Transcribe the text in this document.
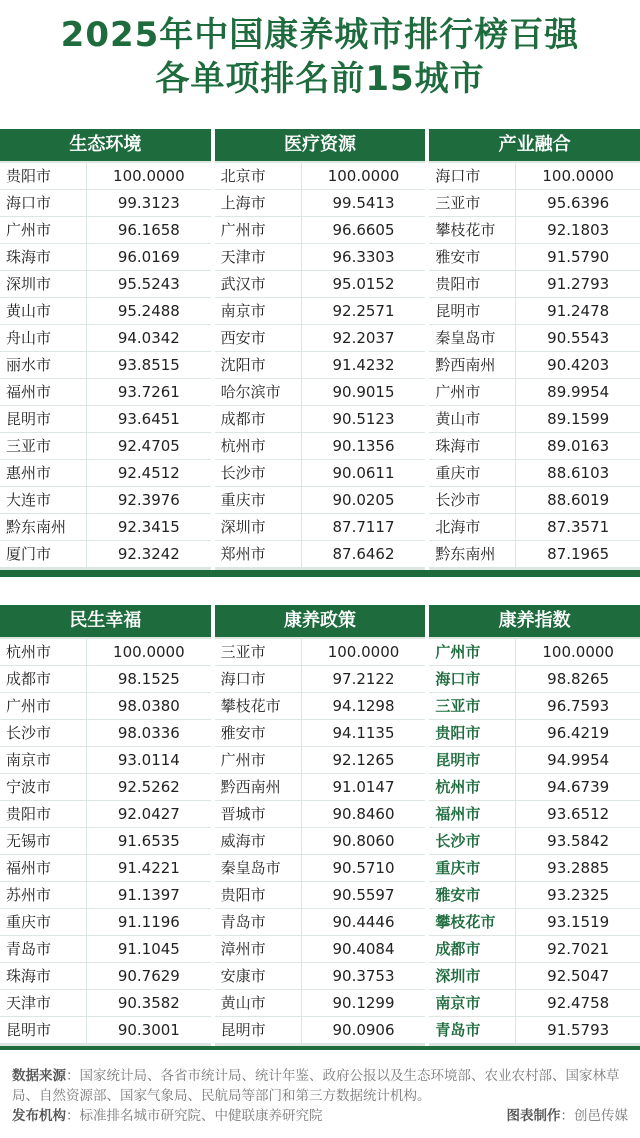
2025年中国康养城市排行榜百强
各单项排名前15城市
生态环境
贵阳市	100.0000
海口市	99.3123
广州市	96.1658
珠海市	96.0169
深圳市	95.5243
黄山市	95.2488
舟山市	94.0342
丽水市	93.8515
福州市	93.7261
昆明市	93.6451
三亚市	92.4705
惠州市	92.4512
大连市	92.3976
黔东南州	92.3415
厦门市	92.3242
医疗资源
北京市	100.0000
上海市	99.5413
广州市	96.6605
天津市	96.3303
武汉市	95.0152
南京市	92.2571
西安市	92.2037
沈阳市	91.4232
哈尔滨市	90.9015
成都市	90.5123
杭州市	90.1356
长沙市	90.0611
重庆市	90.0205
深圳市	87.7117
郑州市	87.6462
产业融合
海口市	100.0000
三亚市	95.6396
攀枝花市	92.1803
雅安市	91.5790
贵阳市	91.2793
昆明市	91.2478
秦皇岛市	90.5543
黔西南州	90.4203
广州市	89.9954
黄山市	89.1599
珠海市	89.0163
重庆市	88.6103
长沙市	88.6019
北海市	87.3571
黔东南州	87.1965
民生幸福
杭州市	100.0000
成都市	98.1525
广州市	98.0380
长沙市	98.0336
南京市	93.0114
宁波市	92.5262
贵阳市	92.0427
无锡市	91.6535
福州市	91.4221
苏州市	91.1397
重庆市	91.1196
青岛市	91.1045
珠海市	90.7629
天津市	90.3582
昆明市	90.3001
康养政策
三亚市	100.0000
海口市	97.2122
攀枝花市	94.1298
雅安市	94.1135
广州市	92.1265
黔西南州	91.0147
晋城市	90.8460
威海市	90.8060
秦皇岛市	90.5710
贵阳市	90.5597
青岛市	90.4446
漳州市	90.4084
安康市	90.3753
黄山市	90.1299
昆明市	90.0906
康养指数
广州市	100.0000
海口市	98.8265
三亚市	96.7593
贵阳市	96.4219
昆明市	94.9954
杭州市	94.6739
福州市	93.6512
长沙市	93.5842
重庆市	93.2885
雅安市	93.2325
攀枝花市	93.1519
成都市	92.7021
深圳市	92.5047
南京市	92.4758
青岛市	91.5793
数据来源：国家统计局、各省市统计局、统计年鉴、政府公报以及生态环境部、农业农村部、国家林草局、自然资源部、国家气象局、民航局等部门和第三方数据统计机构。
发布机构：标准排名城市研究院、中健联康养研究院	图表制作：创邑传媒
